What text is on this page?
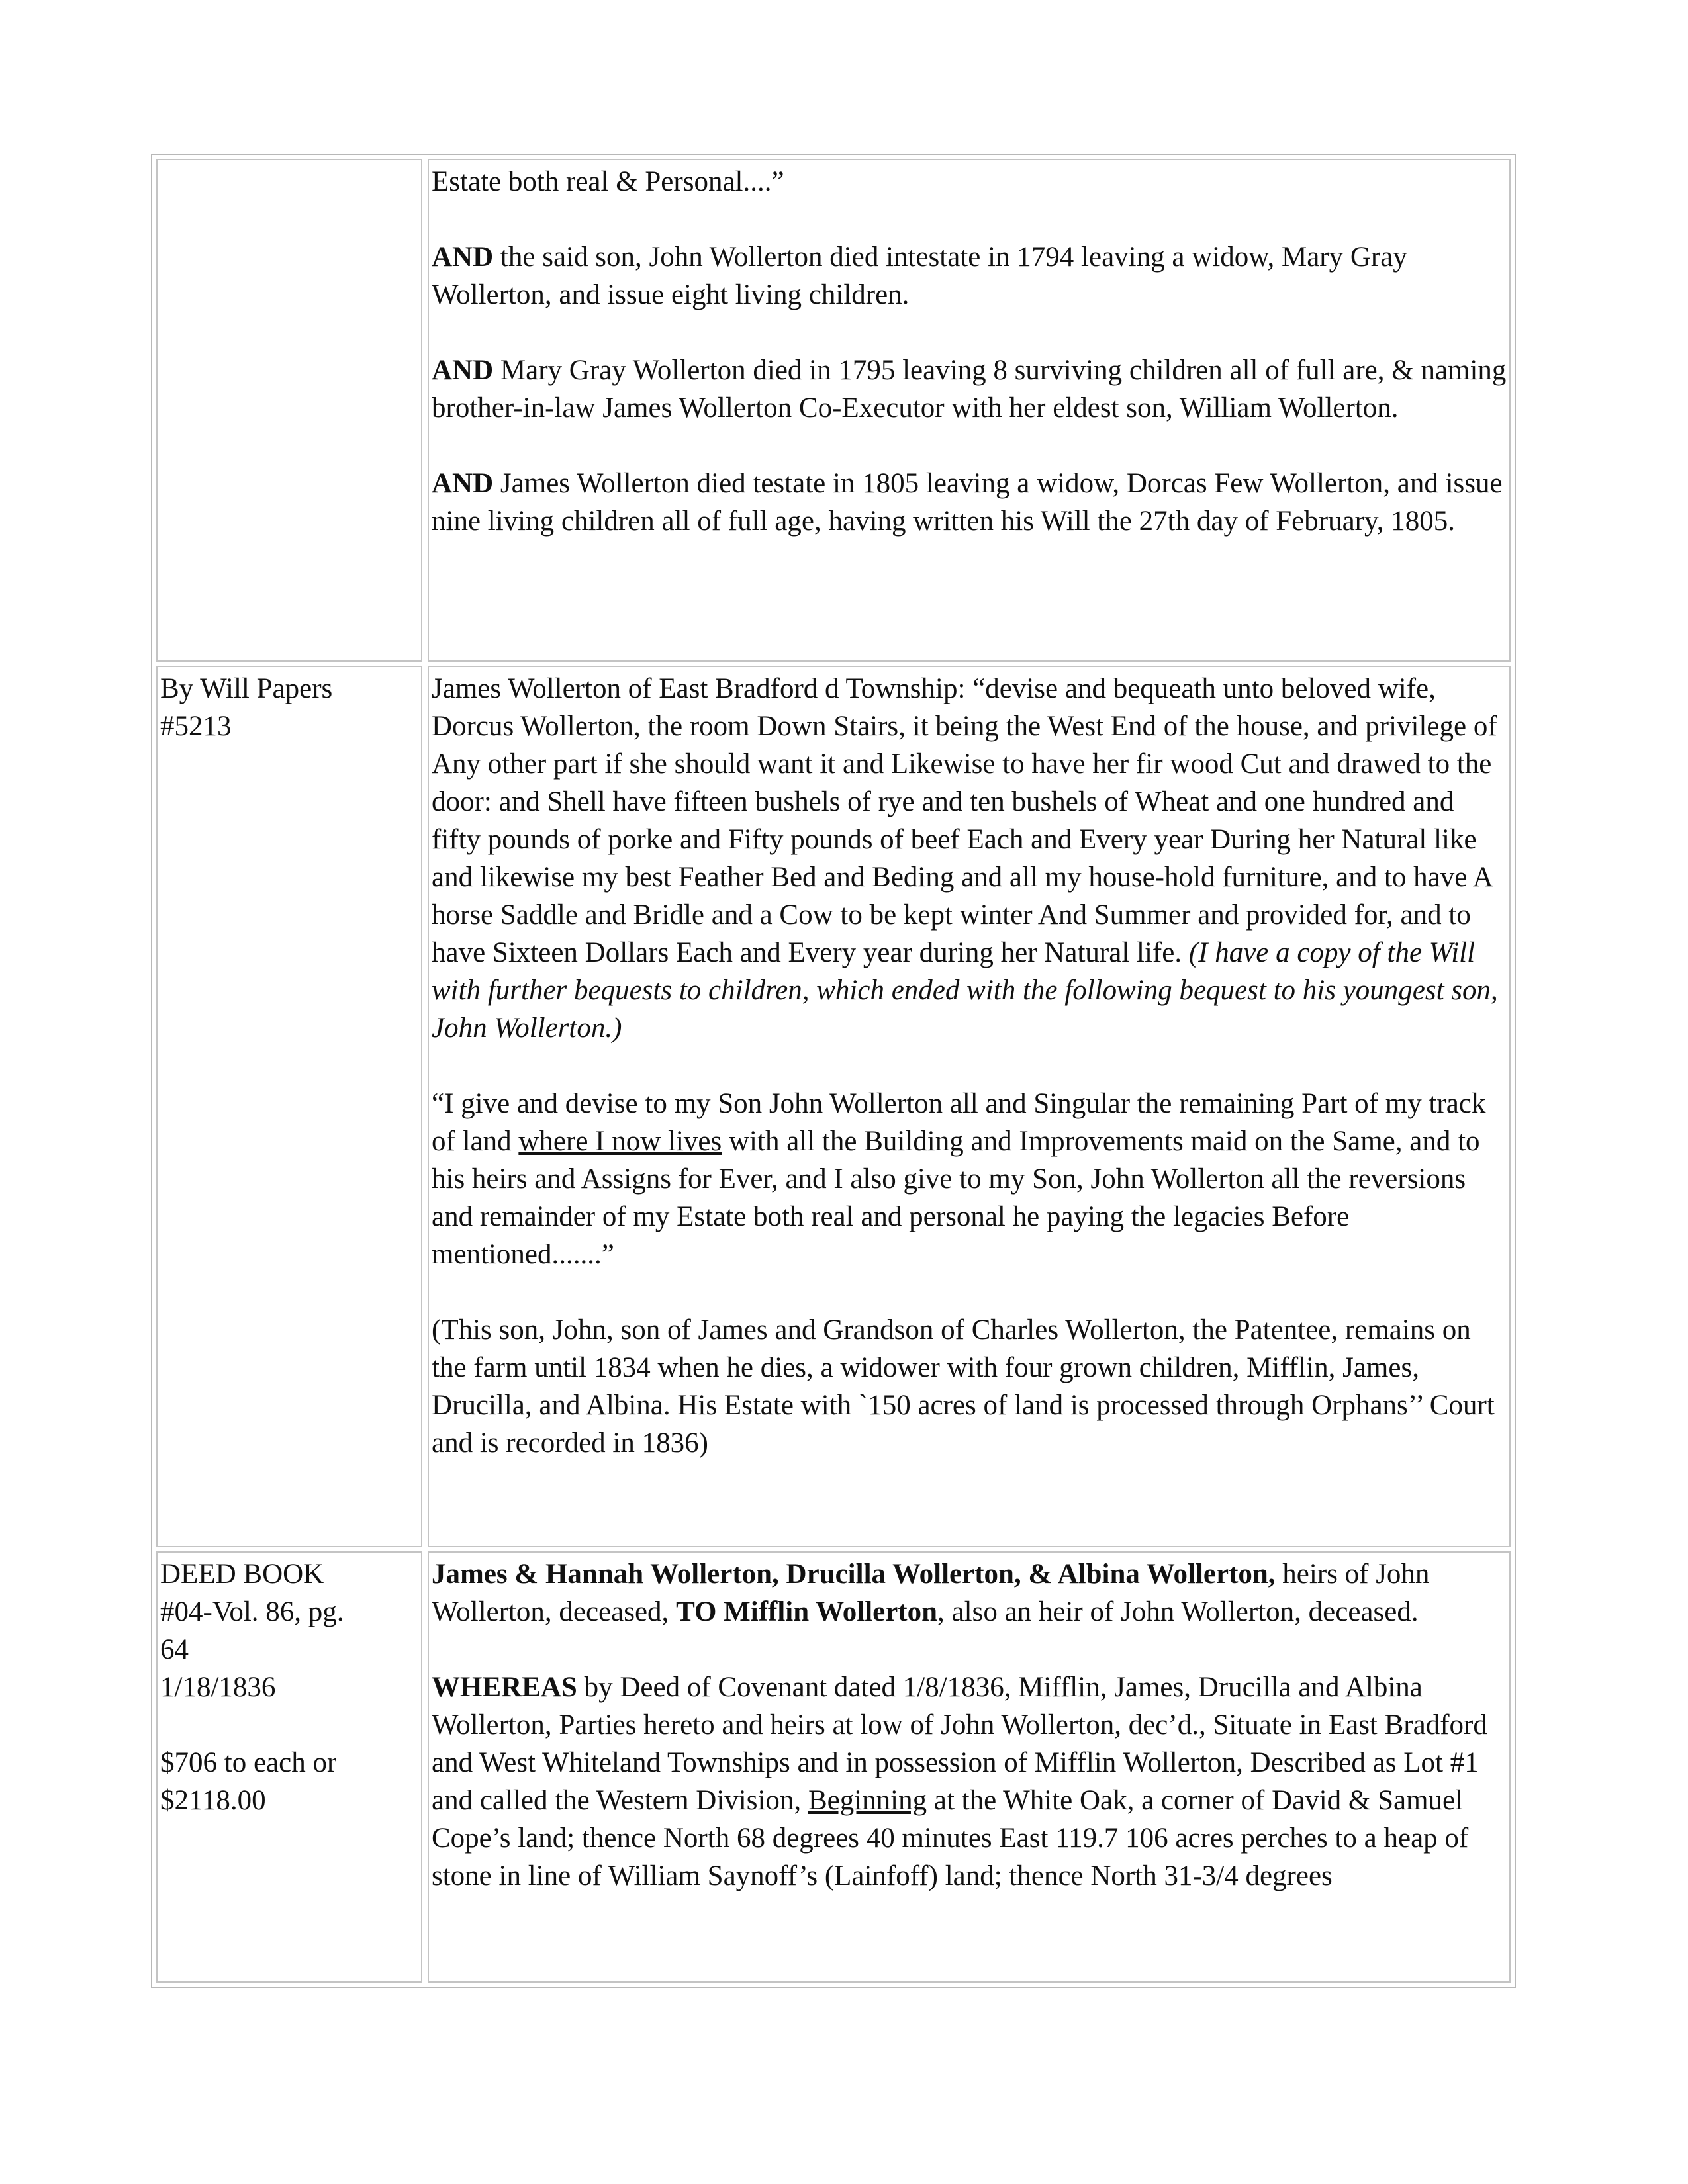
Estate both real & Personal....”

AND the said son, John Wollerton died intestate in 1794 leaving a widow, Mary Gray Wollerton, and issue eight living children.

AND Mary Gray Wollerton died in 1795 leaving 8 surviving children all of full are, & naming brother-in-law James Wollerton Co-Executor with her eldest son, William Wollerton.

AND James Wollerton died testate in 1805 leaving a widow, Dorcas Few Wollerton, and issue nine living children all of full age, having written his Will the 27th day of February, 1805.

By Will Papers
#5213

James Wollerton of East Bradford d Township: “devise and bequeath unto beloved wife, Dorcus Wollerton, the room Down Stairs, it being the West End of the house, and privilege of Any other part if she should want it and Likewise to have her fir wood Cut and drawed to the door: and Shell have fifteen bushels of rye and ten bushels of Wheat and one hundred and fifty pounds of porke and Fifty pounds of beef Each and Every year During her Natural like and likewise my best Feather Bed and Beding and all my house-hold furniture, and to have A horse Saddle and Bridle and a Cow to be kept winter And Summer and provided for, and to have Sixteen Dollars Each and Every year during her Natural life. (I have a copy of the Will with further bequests to children, which ended with the following bequest to his youngest son, John Wollerton.)

“I give and devise to my Son John Wollerton all and Singular the remaining Part of my track of land where I now lives with all the Building and Improvements maid on the Same, and to his heirs and Assigns for Ever, and I also give to my Son, John Wollerton all the reversions and remainder of my Estate both real and personal he paying the legacies Before mentioned.......”

(This son, John, son of James and Grandson of Charles Wollerton, the Patentee, remains on the farm until 1834 when he dies, a widower with four grown children, Mifflin, James, Drucilla, and Albina. His Estate with `150 acres of land is processed through Orphans’’ Court and is recorded in 1836)

DEED BOOK
#04-Vol. 86, pg.
64
1/18/1836

$706 to each or
$2118.00

James & Hannah Wollerton, Drucilla Wollerton, & Albina Wollerton, heirs of John Wollerton, deceased, TO Mifflin Wollerton, also an heir of John Wollerton, deceased.

WHEREAS by Deed of Covenant dated 1/8/1836, Mifflin, James, Drucilla and Albina Wollerton, Parties hereto and heirs at low of John Wollerton, dec’d., Situate in East Bradford and West Whiteland Townships and in possession of Mifflin Wollerton, Described as Lot #1 and called the Western Division, Beginning at the White Oak, a corner of David & Samuel Cope’s land; thence North 68 degrees 40 minutes East 119.7 106 acres perches to a heap of stone in line of William Saynoff’s (Lainfoff) land; thence North 31-3/4 degrees
